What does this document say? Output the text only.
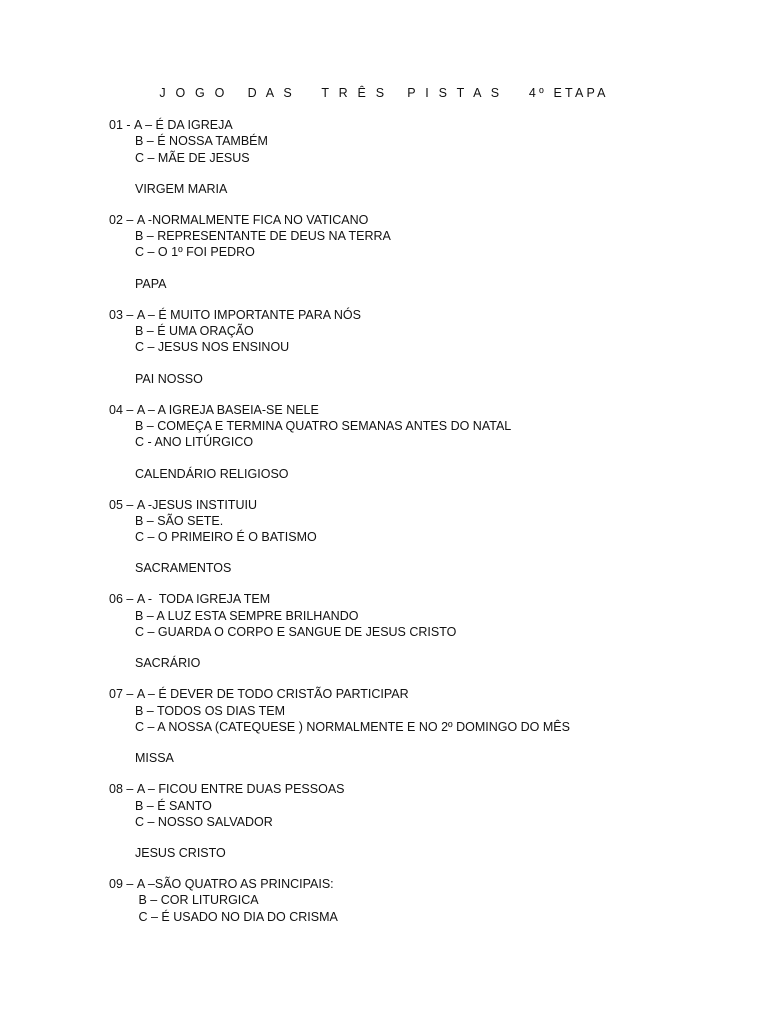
J O G O   D A S    T R Ê S   P I S T A S    4º ETAPA
01 - A – É DA IGREJA
B – É NOSSA TAMBÉM
C – MÃE DE JESUS
VIRGEM MARIA
02 – A -NORMALMENTE FICA NO VATICANO
B – REPRESENTANTE DE DEUS NA TERRA
C – O 1º FOI PEDRO
PAPA
03 – A – É MUITO IMPORTANTE PARA NÓS
B – É UMA ORAÇÃO
C – JESUS NOS ENSINOU
PAI NOSSO
04 – A – A IGREJA BASEIA-SE NELE
B – COMEÇA E TERMINA QUATRO SEMANAS ANTES DO NATAL
C - ANO LITÚRGICO
CALENDÁRIO RELIGIOSO
05 – A -JESUS INSTITUIU
B – SÃO SETE.
C – O PRIMEIRO É O BATISMO
SACRAMENTOS
06 – A -  TODA IGREJA TEM
B – A LUZ ESTA SEMPRE BRILHANDO
C – GUARDA O CORPO E SANGUE DE JESUS CRISTO
SACRÁRIO
07 – A – É DEVER DE TODO CRISTÃO PARTICIPAR
B – TODOS OS DIAS TEM
C – A NOSSA (CATEQUESE ) NORMALMENTE E NO 2º DOMINGO DO MÊS
MISSA
08 – A – FICOU ENTRE DUAS PESSOAS
B – É SANTO
C – NOSSO SALVADOR
JESUS CRISTO
09 – A –SÃO QUATRO AS PRINCIPAIS:
B – COR LITURGICA
C – É USADO NO DIA DO CRISMA
